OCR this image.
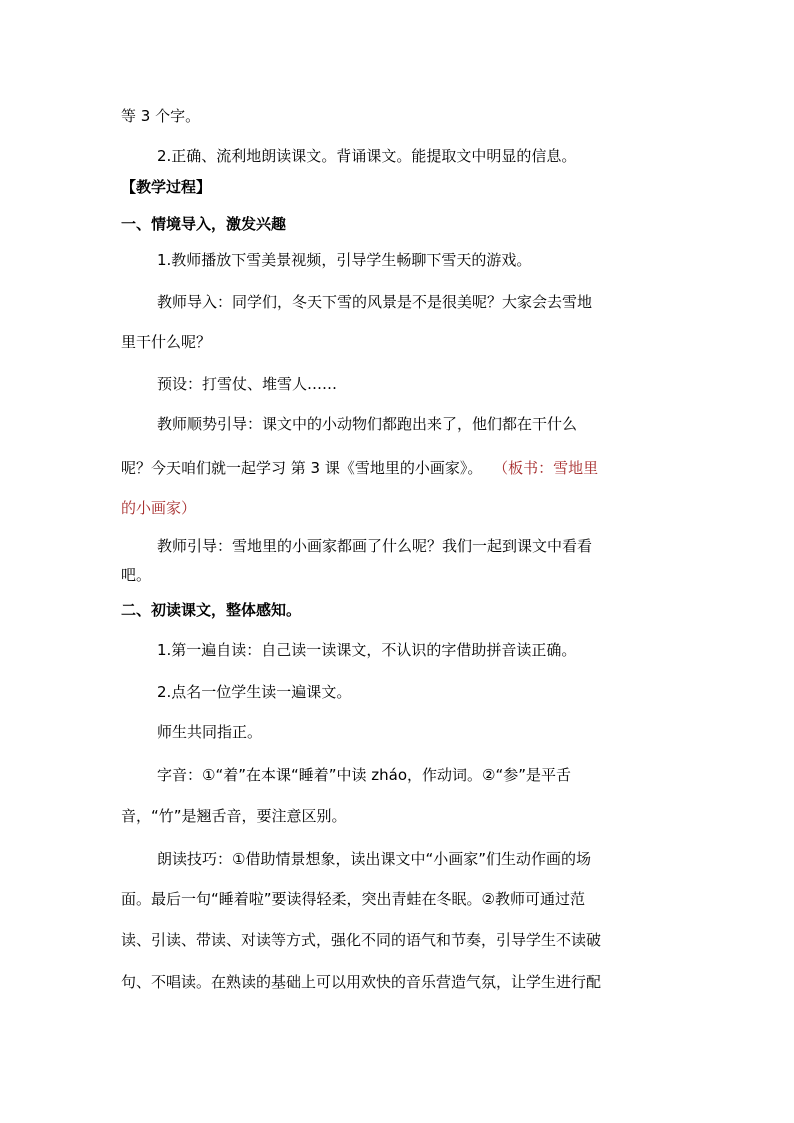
等 3 个字。
2.正确、流利地朗读课文。背诵课文。能提取文中明显的信息。
【教学过程】
一、情境导入，激发兴趣
1.教师播放下雪美景视频，引导学生畅聊下雪天的游戏。
教师导入：同学们，冬天下雪的风景是不是很美呢？大家会去雪地
里干什么呢？
预设：打雪仗、堆雪人……
教师顺势引导：课文中的小动物们都跑出来了，他们都在干什么
呢？今天咱们就一起学习 第 3 课《雪地里的小画家》。 （板书：雪地里
的小画家）
教师引导：雪地里的小画家都画了什么呢？我们一起到课文中看看
吧。
二、初读课文，整体感知。
1.第一遍自读：自己读一读课文，不认识的字借助拼音读正确。
2.点名一位学生读一遍课文。
师生共同指正。
字音：①“着”在本课“睡着”中读 zháo，作动词。②“参”是平舌
音，“竹”是翘舌音，要注意区别。
朗读技巧：①借助情景想象，读出课文中“小画家”们生动作画的场
面。最后一句“睡着啦”要读得轻柔，突出青蛙在冬眠。②教师可通过范
读、引读、带读、对读等方式，强化不同的语气和节奏，引导学生不读破
句、不唱读。在熟读的基础上可以用欢快的音乐营造气氛，让学生进行配
